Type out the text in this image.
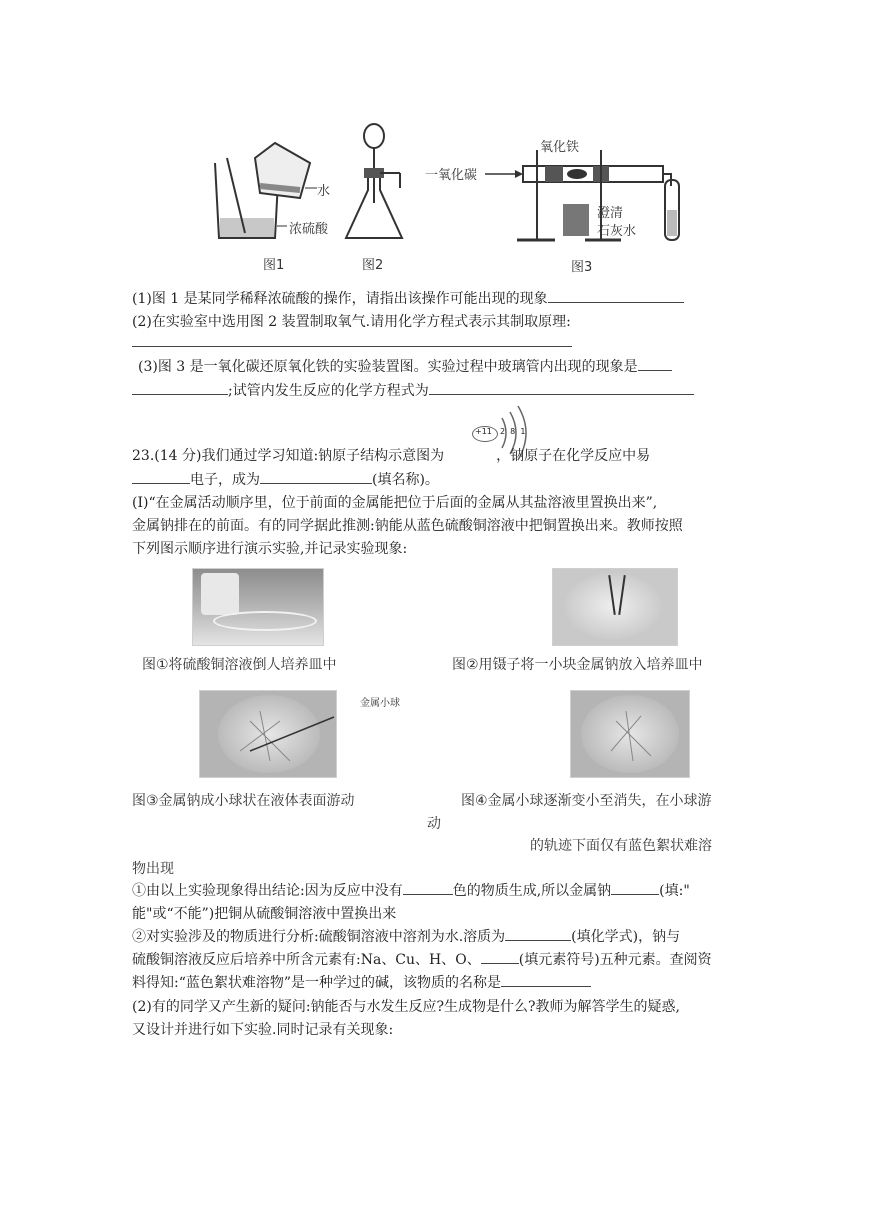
水
浓硫酸
图1	图2
一氧化碳
氧化铁
澄清
石灰水
图3
(1)图 1 是某同学稀释浓硫酸的操作，请指出该操作可能出现的现象
(2)在实验室中选用图 2 装置制取氧气.请用化学方程式表示其制取原理:
(3)图 3 是一氧化碳还原氧化铁的实验装置图。实验过程中玻璃管内出现的现象是
;试管内发生反应的化学方程式为
+11 2  8  1
23.(14 分)我们通过学习知道:钠原子结构示意图为	，钠原子在化学反应中易
电子，成为	(填名称)。
(I)“在金属活动顺序里，位于前面的金属能把位于后面的金属从其盐溶液里置换出来”,
金属钠排在的前面。有的同学据此推测:钠能从蓝色硫酸铜溶液中把铜置换出来。教师按照
下列图示顺序进行演示实验,并记录实验现象:
图①将硫酸铜溶液倒人培养皿中	图②用镊子将一小块金属钠放入培养皿中
金属小球
图③金属钠成小球状在液体表面游动	图④金属小球逐渐变小至消失，在小球游
动
的轨迹下面仅有蓝色絮状难溶
物出现
①由以上实验现象得出结论:因为反应中没有	色的物质生成,所以金属钠	(填:"
能"或“不能”)把铜从硫酸铜溶液中置换出来
②对实验涉及的物质进行分析:硫酸铜溶液中溶剂为水.溶质为	(填化学式)，钠与
硫酸铜溶液反应后培养中所含元素有:Na、Cu、H、O、	(填元素符号)五种元素。查阅资
料得知:“蓝色絮状难溶物”是一种学过的碱，该物质的名称是
(2)有的同学又产生新的疑问:钠能否与水发生反应?生成物是什么?教师为解答学生的疑惑,
又设计并进行如下实验.同时记录有关现象:
